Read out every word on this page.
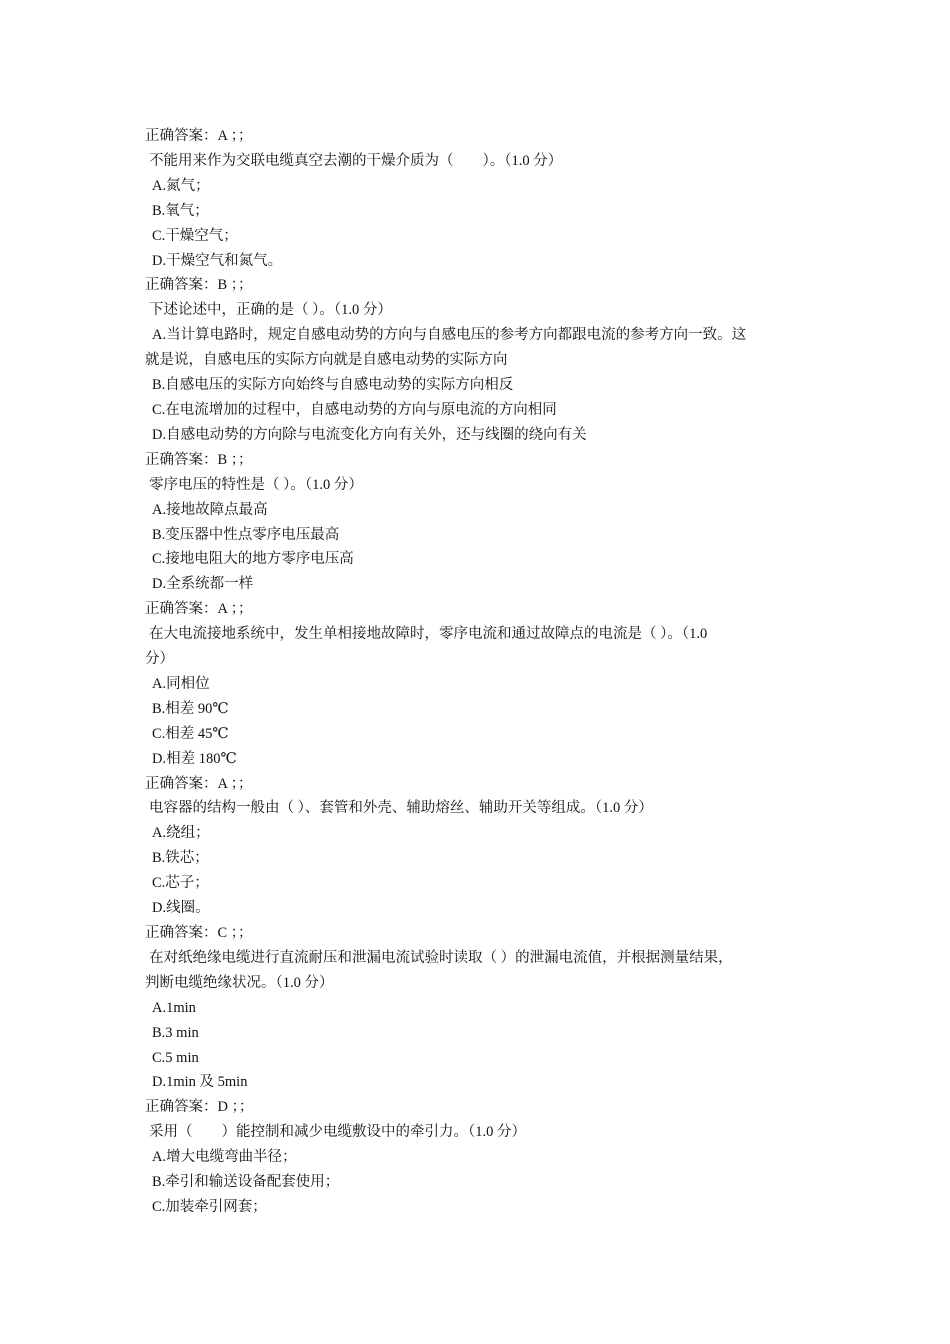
正确答案：A ；；
不能用来作为交联电缆真空去潮的干燥介质为（　　）。（1.0 分）
A.氮气；
B.氧气；
C.干燥空气；
D.干燥空气和氮气。
正确答案：B ；；
下述论述中，正确的是（ ）。（1.0 分）
A.当计算电路时，规定自感电动势的方向与自感电压的参考方向都跟电流的参考方向一致。这
就是说，自感电压的实际方向就是自感电动势的实际方向
B.自感电压的实际方向始终与自感电动势的实际方向相反
C.在电流增加的过程中，自感电动势的方向与原电流的方向相同
D.自感电动势的方向除与电流变化方向有关外，还与线圈的绕向有关
正确答案：B ；；
零序电压的特性是（ ）。（1.0 分）
A.接地故障点最高
B.变压器中性点零序电压最高
C.接地电阻大的地方零序电压高
D.全系统都一样
正确答案：A ；；
在大电流接地系统中，发生单相接地故障时，零序电流和通过故障点的电流是（ ）。（1.0
分）
A.同相位
B.相差 90℃
C.相差 45℃
D.相差 180℃
正确答案：A ；；
电容器的结构一般由（ ）、套管和外壳、辅助熔丝、辅助开关等组成。（1.0 分）
A.绕组；
B.铁芯；
C.芯子；
D.线圈。
正确答案：C ；；
在对纸绝缘电缆进行直流耐压和泄漏电流试验时读取（ ）的泄漏电流值，并根据测量结果，
判断电缆绝缘状况。（1.0 分）
A.1min
B.3 min
C.5 min
D.1min 及 5min
正确答案：D ；；
采用（　　）能控制和减少电缆敷设中的牵引力。（1.0 分）
A.增大电缆弯曲半径；
B.牵引和输送设备配套使用；
C.加装牵引网套；
